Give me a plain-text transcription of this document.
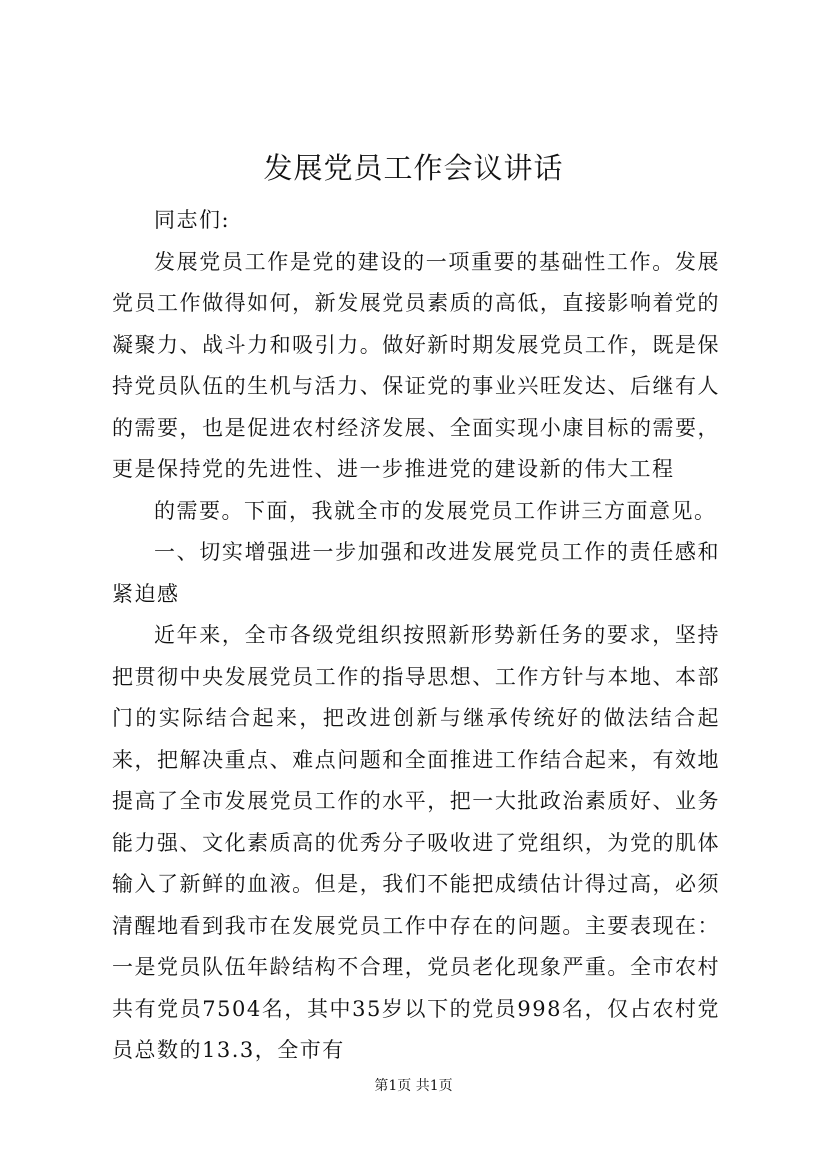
发展党员工作会议讲话

同志们:

发展党员工作是党的建设的一项重要的基础性工作。发展党员工作做得如何，新发展党员素质的高低，直接影响着党的凝聚力、战斗力和吸引力。做好新时期发展党员工作，既是保持党员队伍的生机与活力、保证党的事业兴旺发达、后继有人的需要，也是促进农村经济发展、全面实现小康目标的需要，更是保持党的先进性、进一步推进党的建设新的伟大工程

的需要。下面，我就全市的发展党员工作讲三方面意见。

一、切实增强进一步加强和改进发展党员工作的责任感和紧迫感

近年来，全市各级党组织按照新形势新任务的要求，坚持把贯彻中央发展党员工作的指导思想、工作方针与本地、本部门的实际结合起来，把改进创新与继承传统好的做法结合起来，把解决重点、难点问题和全面推进工作结合起来，有效地提高了全市发展党员工作的水平，把一大批政治素质好、业务能力强、文化素质高的优秀分子吸收进了党组织，为党的肌体输入了新鲜的血液。但是，我们不能把成绩估计得过高，必须清醒地看到我市在发展党员工作中存在的问题。主要表现在：一是党员队伍年龄结构不合理，党员老化现象严重。全市农村共有党员7504名，其中35岁以下的党员998名，仅占农村党员总数的13.3，全市有

第1页 共1页
